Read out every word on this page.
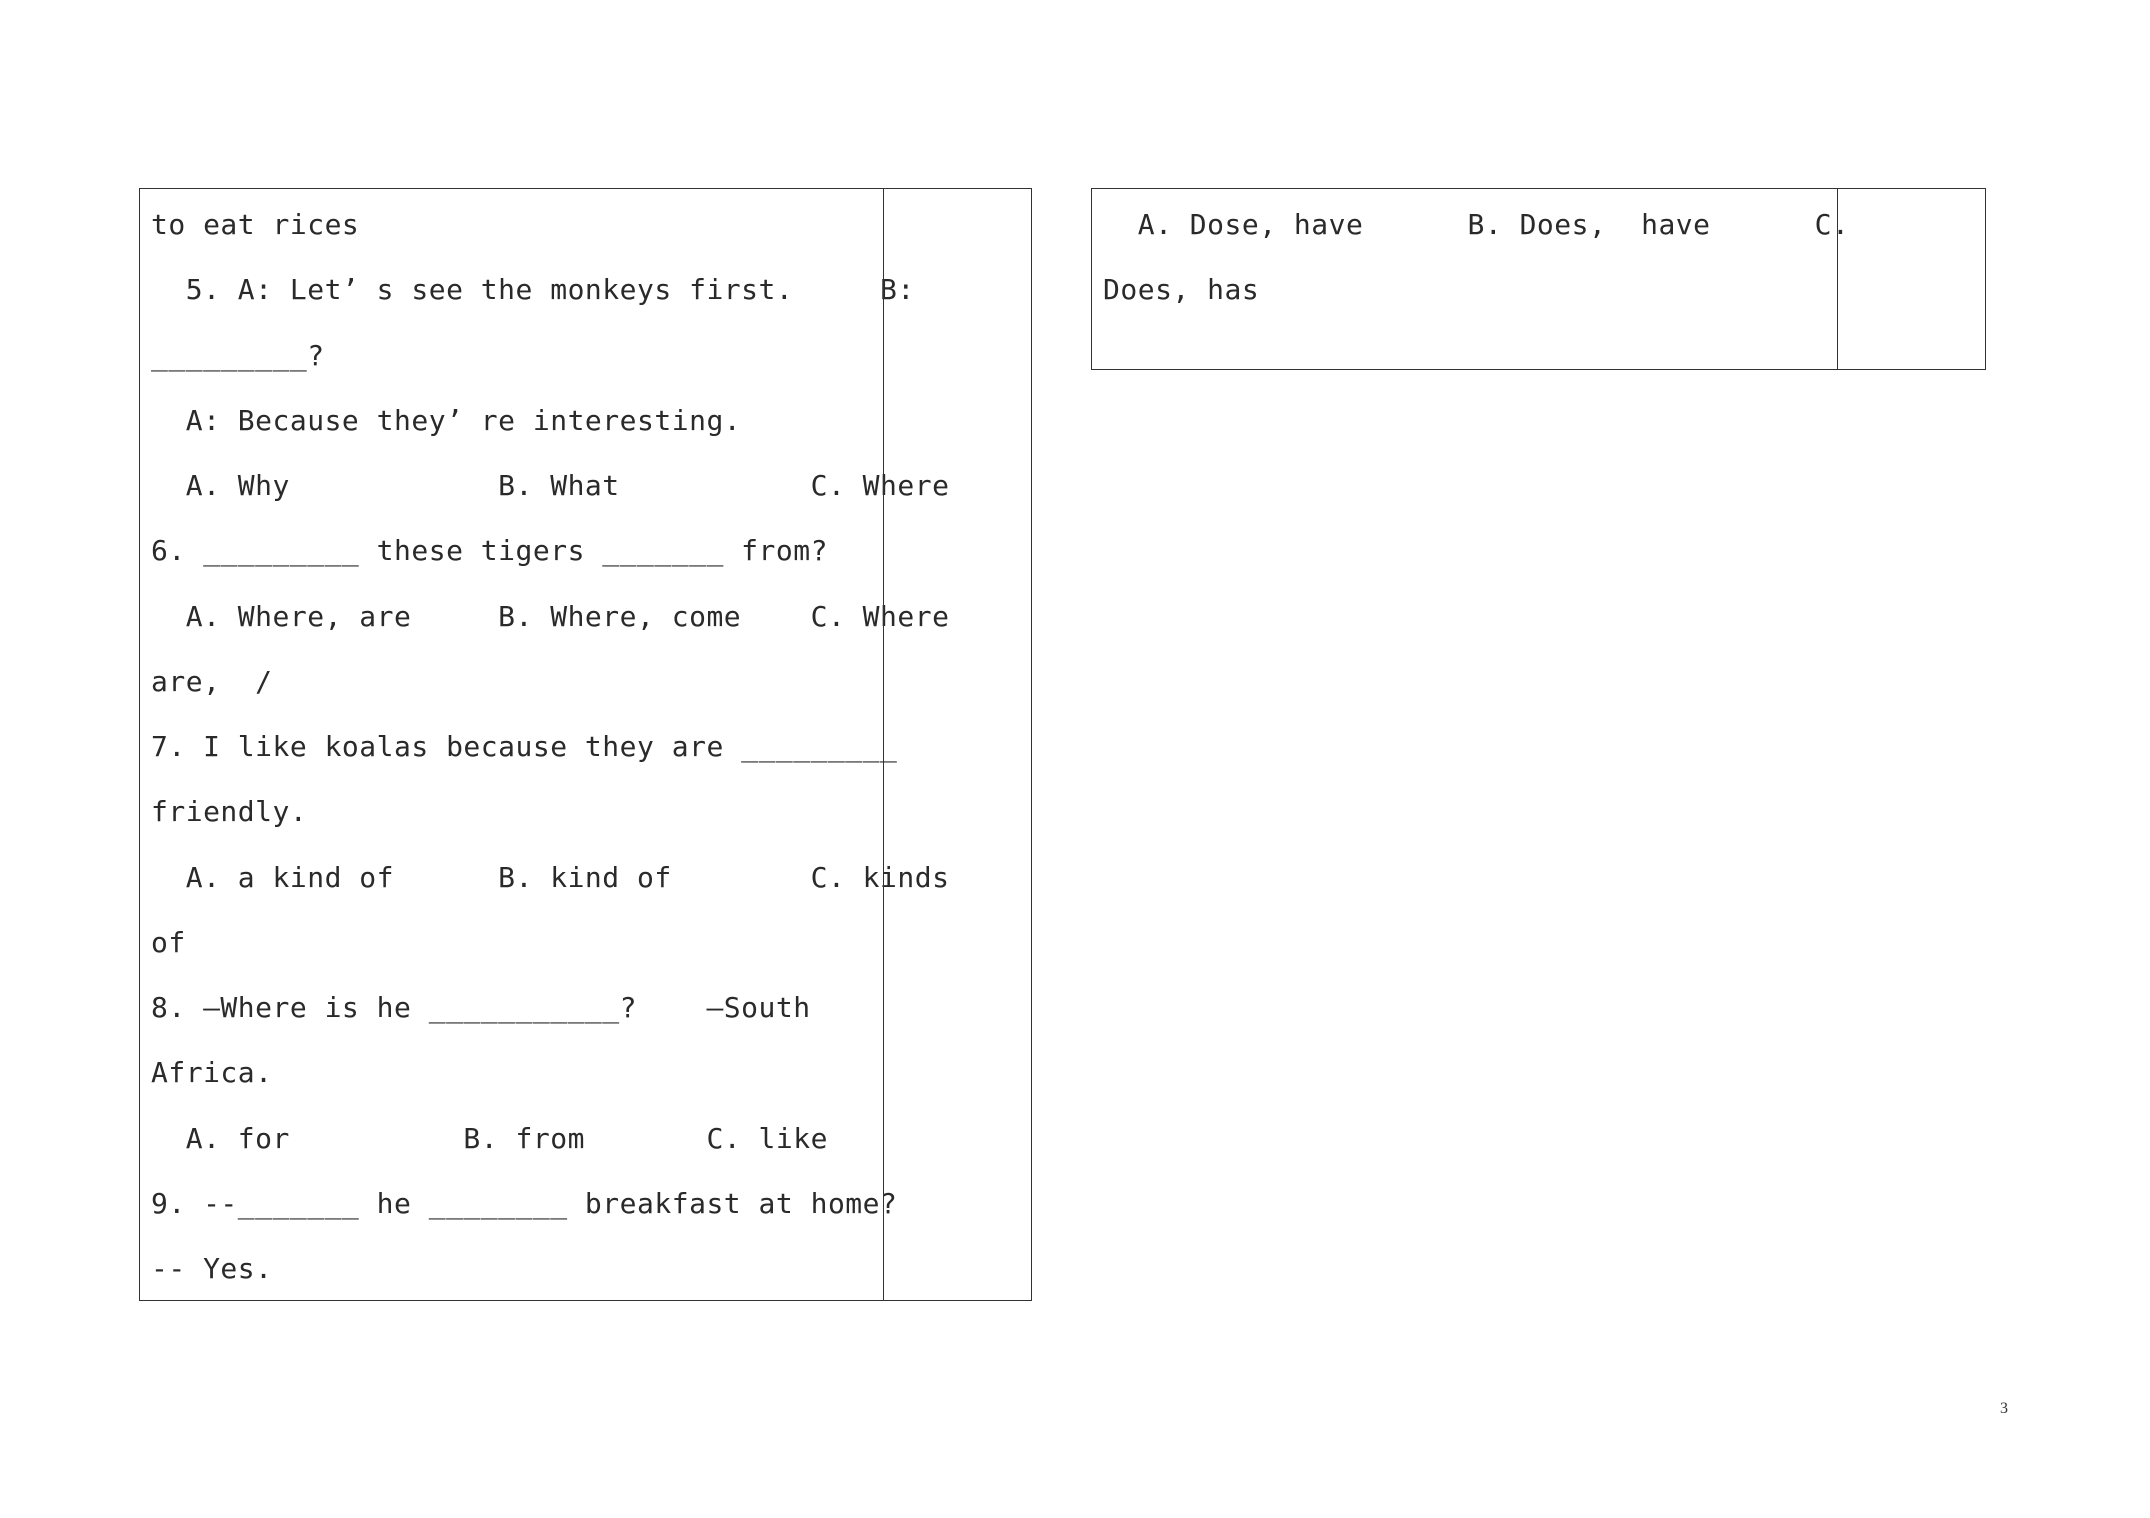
to eat rices
5. A: Let’ s see the monkeys first.     B:
_________?
A: Because they’ re interesting.
A. Why            B. What           C. Where
6. _________ these tigers _______ from?
A. Where, are     B. Where, come    C. Where
are,  /
7. I like koalas because they are _________
friendly.
A. a kind of      B. kind of        C. kinds
of
8. —Where is he ___________?    —South
Africa.
A. for          B. from       C. like
9. --_______ he ________ breakfast at home?
-- Yes.
A. Dose, have      B. Does,  have      C.
Does, has
3
